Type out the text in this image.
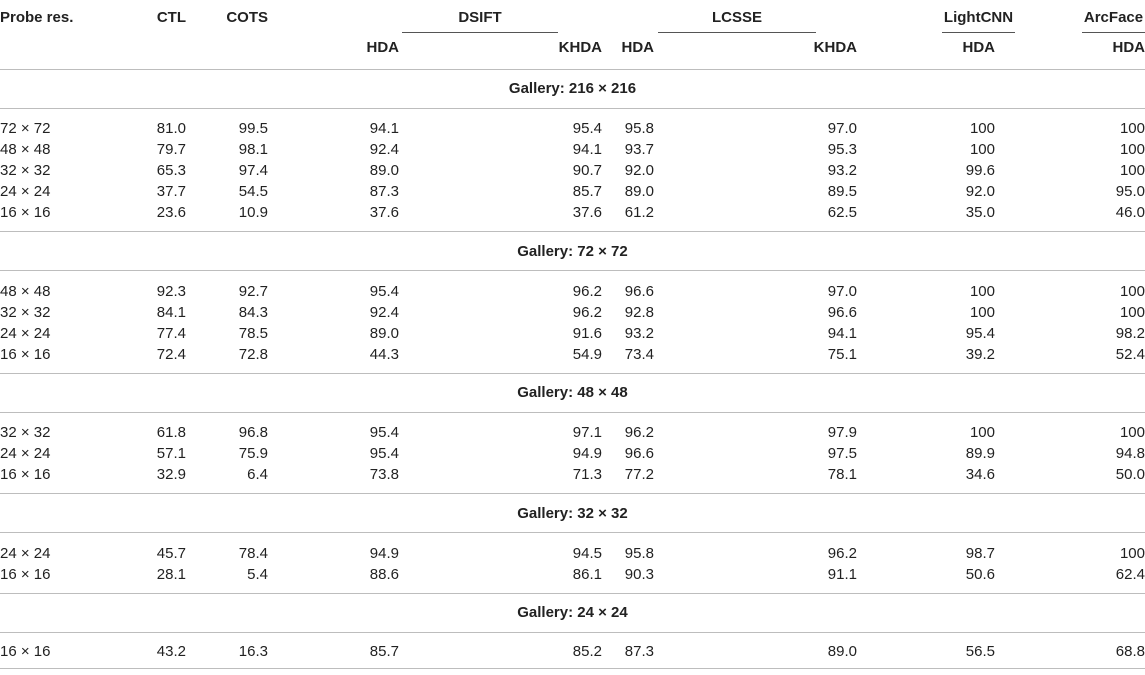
Probe res.	CTL	COTS	DSIFT		LCSSE		LightCNN	ArcFace
			HDA	KHDA	HDA	KHDA	HDA	HDA
Gallery: 216 × 216								
72 × 72	81.0	99.5	94.1	95.4	95.8	97.0	100	100
48 × 48	79.7	98.1	92.4	94.1	93.7	95.3	100	100
32 × 32	65.3	97.4	89.0	90.7	92.0	93.2	99.6	100
24 × 24	37.7	54.5	87.3	85.7	89.0	89.5	92.0	95.0
16 × 16	23.6	10.9	37.6	37.6	61.2	62.5	35.0	46.0
Gallery: 72 × 72								
48 × 48	92.3	92.7	95.4	96.2	96.6	97.0	100	100
32 × 32	84.1	84.3	92.4	96.2	92.8	96.6	100	100
24 × 24	77.4	78.5	89.0	91.6	93.2	94.1	95.4	98.2
16 × 16	72.4	72.8	44.3	54.9	73.4	75.1	39.2	52.4
Gallery: 48 × 48								
32 × 32	61.8	96.8	95.4	97.1	96.2	97.9	100	100
24 × 24	57.1	75.9	95.4	94.9	96.6	97.5	89.9	94.8
16 × 16	32.9	6.4	73.8	71.3	77.2	78.1	34.6	50.0
Gallery: 32 × 32								
24 × 24	45.7	78.4	94.9	94.5	95.8	96.2	98.7	100
16 × 16	28.1	5.4	88.6	86.1	90.3	91.1	50.6	62.4
Gallery: 24 × 24								
16 × 16	43.2	16.3	85.7	85.2	87.3	89.0	56.5	68.8
